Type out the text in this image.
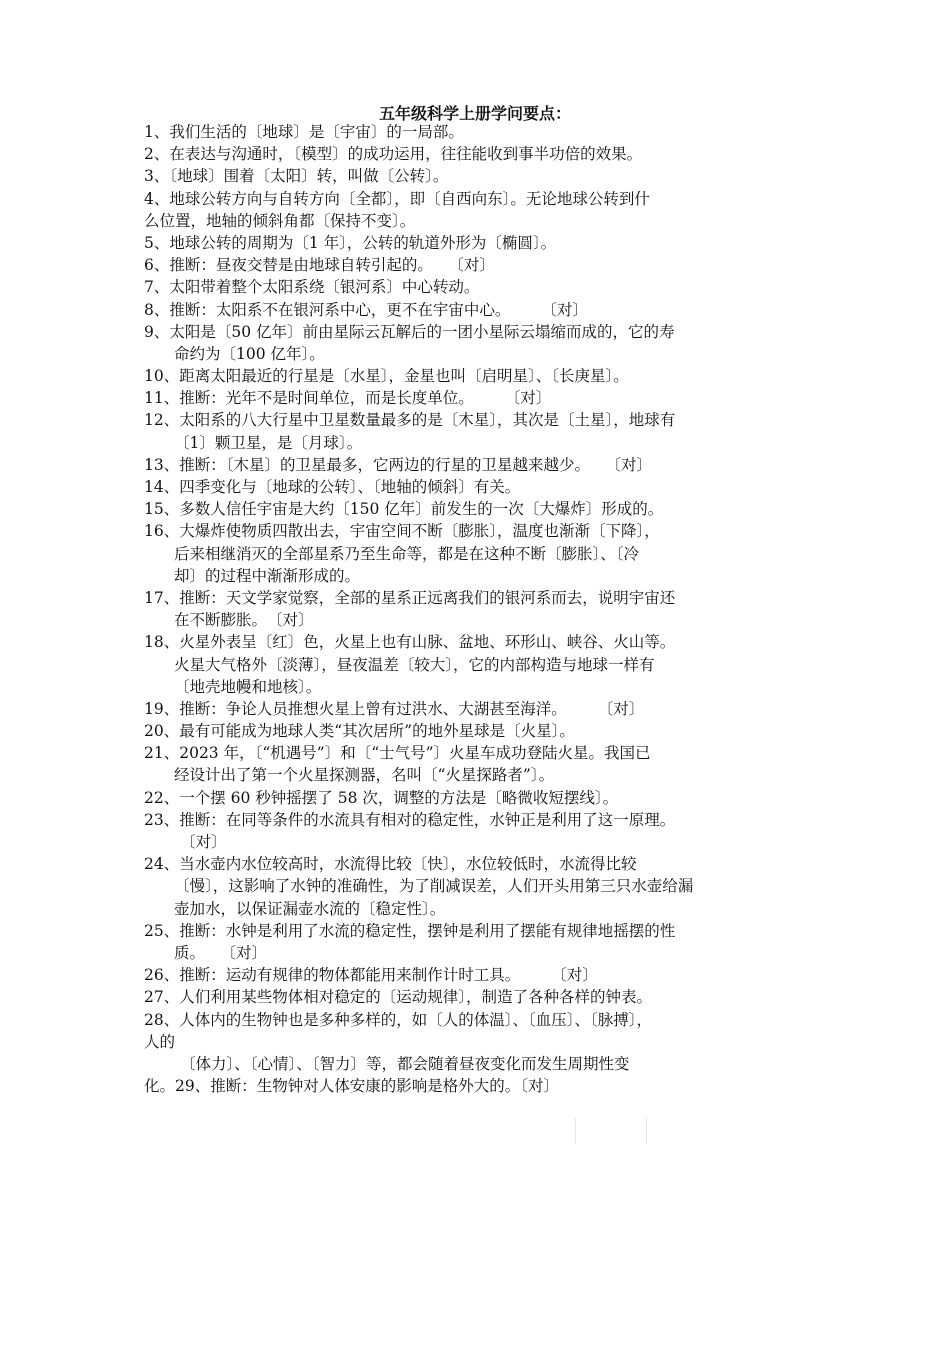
五年级科学上册学问要点：
1、我们生活的〔地球〕是〔宇宙〕的一局部。
2、在表达与沟通时，〔模型〕的成功运用，往往能收到事半功倍的效果。
3、〔地球〕围着〔太阳〕转，叫做〔公转〕。
4、地球公转方向与自转方向〔全都〕，即〔自西向东〕。无论地球公转到什
么位置，地轴的倾斜角都〔保持不变〕。
5、地球公转的周期为〔1 年〕，公转的轨道外形为〔椭圆〕。
6、推断：昼夜交替是由地球自转引起的。　　〔对〕
7、太阳带着整个太阳系绕〔银河系〕中心转动。
8、推断：太阳系不在银河系中心，更不在宇宙中心。　　　〔对〕
9、太阳是〔50 亿年〕前由星际云瓦解后的一团小星际云塌缩而成的，它的寿
命约为〔100 亿年〕。
10、距离太阳最近的行星是〔水星〕，金星也叫〔启明星〕、〔长庚星〕。
11、推断：光年不是时间单位，而是长度单位。　　　〔对〕
12、太阳系的八大行星中卫星数量最多的是〔木星〕，其次是〔土星〕，地球有
〔1〕颗卫星，是〔月球〕。
13、推断：〔木星〕的卫星最多，它两边的行星的卫星越来越少。　　〔对〕
14、四季变化与〔地球的公转〕、〔地轴的倾斜〕有关。
15、多数人信任宇宙是大约〔150 亿年〕前发生的一次〔大爆炸〕形成的。
16、大爆炸使物质四散出去，宇宙空间不断〔膨胀〕，温度也渐渐〔下降〕，
后来相继消灭的全部星系乃至生命等，都是在这种不断〔膨胀〕、〔冷
却〕的过程中渐渐形成的。
17、推断：天文学家觉察，全部的星系正远离我们的银河系而去，说明宇宙还
在不断膨胀。　〔对〕
18、火星外表呈〔红〕色，火星上也有山脉、盆地、环形山、峡谷、火山等。
火星大气格外〔淡薄〕，昼夜温差〔较大〕，它的内部构造与地球一样有
〔地壳地幔和地核〕。
19、推断：争论人员推想火星上曾有过洪水、大湖甚至海洋。　　　〔对〕
20、最有可能成为地球人类“其次居所”的地外星球是〔火星〕。
21、2023 年，〔“机遇号”〕和〔“士气号”〕火星车成功登陆火星。我国已
经设计出了第一个火星探测器，名叫〔“火星探路者”〕。
22、一个摆 60 秒钟摇摆了 58 次，调整的方法是〔略微收短摆线〕。
23、推断：在同等条件的水流具有相对的稳定性，水钟正是利用了这一原理。
〔对〕
24、当水壶内水位较高时，水流得比较〔快〕，水位较低时，水流得比较
〔慢〕，这影响了水钟的准确性，为了削减误差，人们开头用第三只水壶给漏
壶加水，以保证漏壶水流的〔稳定性〕。
25、推断：水钟是利用了水流的稳定性，摆钟是利用了摆能有规律地摇摆的性
质。　　〔对〕
26、推断：运动有规律的物体都能用来制作计时工具。　　　〔对〕
27、人们利用某些物体相对稳定的〔运动规律〕，制造了各种各样的钟表。
28、人体内的生物钟也是多种多样的，如〔人的体温〕、〔血压〕、〔脉搏〕，
人的
〔体力〕、〔心情〕、〔智力〕等，都会随着昼夜变化而发生周期性变
化。29、推断：生物钟对人体安康的影响是格外大的。〔对〕
